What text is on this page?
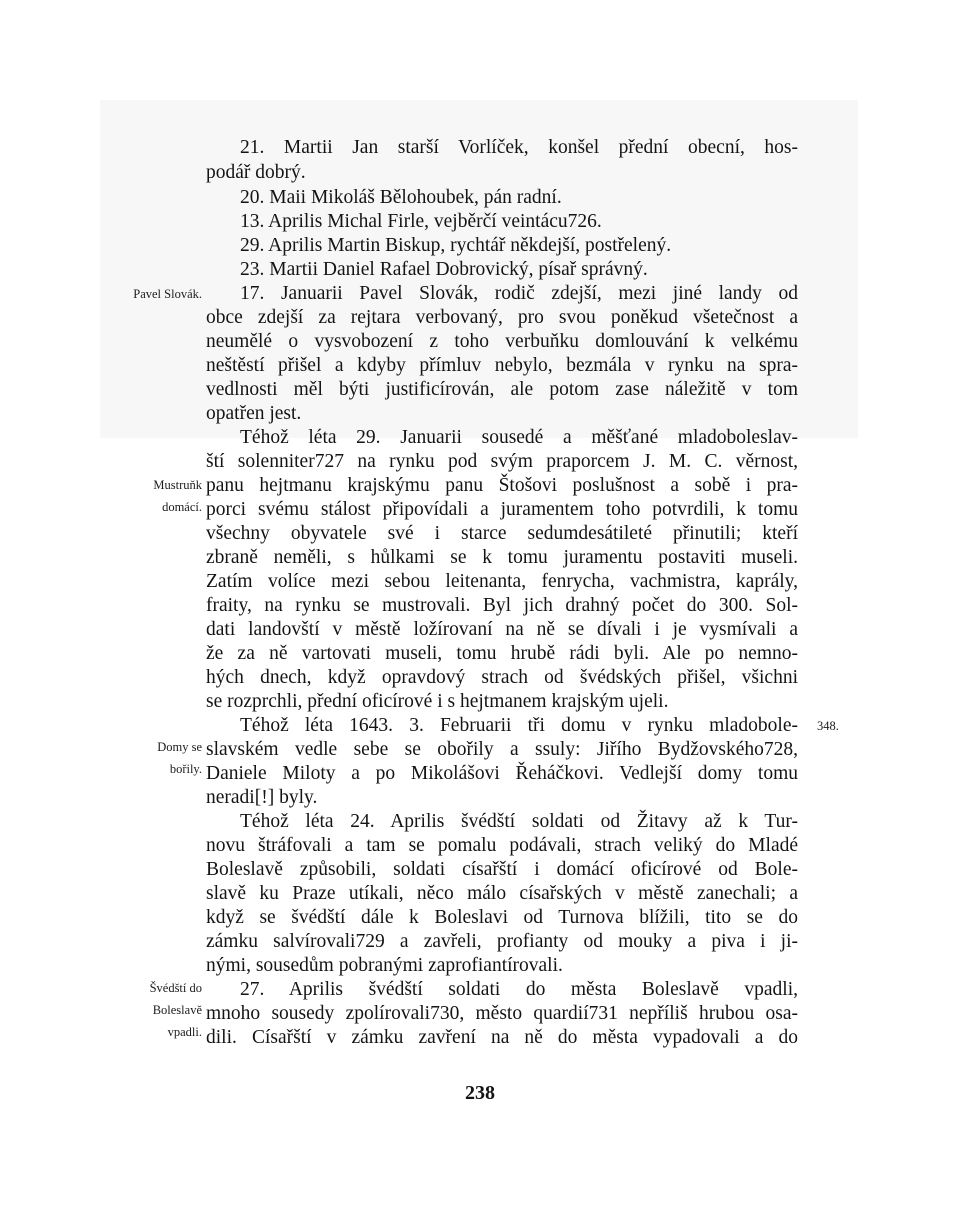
21. Martii Jan starší Vorlíček, konšel přední obecní, hos-
podář dobrý.
20. Maii Mikoláš Bělohoubek, pán radní.
13. Aprilis Michal Firle, vejběrčí veintácu726.
29. Aprilis Martin Biskup, rychtář někdejší, postřelený.
23. Martii Daniel Rafael Dobrovický, písař správný.
17. Januarii Pavel Slovák, rodič zdejší, mezi jiné landy od
obce zdejší za rejtara verbovaný, pro svou poněkud všetečnost a
neumělé o vysvobození z toho verbuňku domlouvání k velkému
neštěstí přišel a kdyby přímluv nebylo, bezmála v rynku na spra-
vedlnosti měl býti justificírován, ale potom zase náležitě v tom
opatřen jest.
Téhož léta 29. Januarii sousedé a měšťané mladoboleslav-
ští solenniter727 na rynku pod svým praporcem J. M. C. věrnost,
panu hejtmanu krajskýmu panu Štošovi poslušnost a sobě i pra-
porci svému stálost připovídali a juramentem toho potvrdili, k tomu
všechny obyvatele své i starce sedumdesátileté přinutili; kteří
zbraně neměli, s hůlkami se k tomu juramentu postaviti museli.
Zatím volíce mezi sebou leitenanta, fenrycha, vachmistra, kaprály,
fraity, na rynku se mustrovali. Byl jich drahný počet do 300. Sol-
dati landovští v městě ložírovaní na ně se dívali i je vysmívali a
že za ně vartovati museli, tomu hrubě rádi byli. Ale po nemno-
hých dnech, když opravdový strach od švédských přišel, všichni
se rozprchli, přední oficírové i s hejtmanem krajským ujeli.
Téhož léta 1643. 3. Februarii tři domu v rynku mladobole-
slavském vedle sebe se obořily a ssuly: Jiřího Bydžovského728,
Daniele Miloty a po Mikolášovi Řeháčkovi. Vedlejší domy tomu
neradi[!] byly.
Téhož léta 24. Aprilis švédští soldati od Žitavy až k Tur-
novu štráfovali a tam se pomalu podávali, strach veliký do Mladé
Boleslavě způsobili, soldati císařští i domácí oficírové od Bole-
slavě ku Praze utíkali, něco málo císařských v městě zanechali; a
když se švédští dále k Boleslavi od Turnova blížili, tito se do
zámku salvírovali729 a zavřeli, profianty od mouky a piva i ji-
nými, sousedům pobranými zaprofiantírovali.
27. Aprilis švédští soldati do města Boleslavě vpadli,
mnoho sousedy zpolírovali730, město quardií731 nepříliš hrubou osa-
dili. Císařští v zámku zavření na ně do města vypadovali a do
Pavel Slovák.
Mustruňk
domácí.
Domy se
bořily.
Švédští do
Boleslavě
vpadli.
348.
238
